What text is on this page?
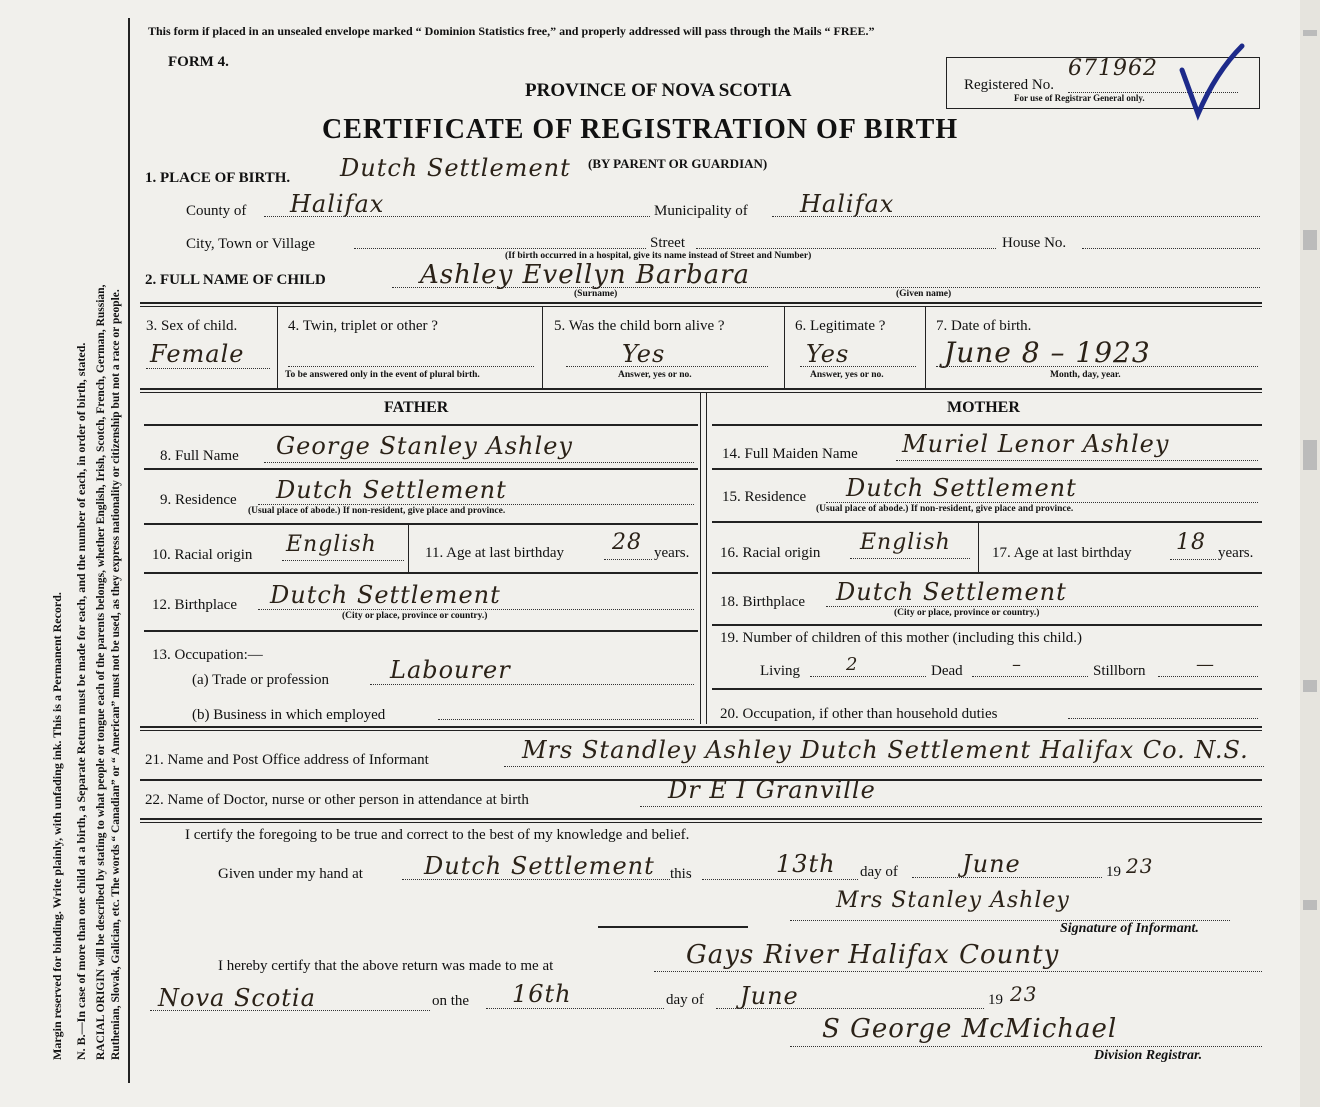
Margin reserved for binding. Write plainly, with unfading ink. This is a Permanent Record. N. B.—In case of more than one child at a birth, a Separate Return must be made for each, and the number of each, in order of birth, stated. RACIAL ORIGIN will be described by stating to what people or tongue each of the parents belongs, whether English, Irish, Scotch, French, German, Russian, Ruthenian, Slovak, Galician, etc. The words “ Canadian” or “ American” must not be used, as they express nationality or citizenship but not a race or people.
This form if placed in an unsealed envelope marked “ Dominion Statistics free,” and properly addressed will pass through the Mails “ FREE.”
FORM 4.
PROVINCE OF NOVA SCOTIA
CERTIFICATE OF REGISTRATION OF BIRTH
(BY PARENT OR GUARDIAN)
Registered No.
671962
For use of Registrar General only.
1. PLACE OF BIRTH. Dutch Settlement
County of Halifax	Municipality of Halifax
City, Town or Village	Street	House No.
(If birth occurred in a hospital, give its name instead of Street and Number)
2. FULL NAME OF CHILD	Ashley Evellyn Barbara
(Surname)	(Given name)
3. Sex of child.
Female
4. Twin, triplet or other ?
To be answered only in the event of plural birth.
5. Was the child born alive ?
Yes
Answer, yes or no.
6. Legitimate ?
Yes
Answer, yes or no.
7. Date of birth.
June 8 – 1923
Month, day, year.
FATHER	MOTHER
8. Full Name George Stanley Ashley	14. Full Maiden Name Muriel Lenor Ashley
9. Residence Dutch Settlement
(Usual place of abode.) If non-resident, give place and province.
15. Residence Dutch Settlement
(Usual place of abode.) If non-resident, give place and province.
10. Racial origin English	11. Age at last birthday 28 years. 16. Racial origin English	17. Age at last birthday 18 years.
12. Birthplace Dutch Settlement
(City or place, province or country.)
18. Birthplace Dutch Settlement
(City or place, province or country.)
13. Occupation:—
(a) Trade or profession	Labourer
(b) Business in which employed
19. Number of children of this mother (including this child.)
Living	2	Dead	–	Stillborn	—
20. Occupation, if other than household duties
21. Name and Post Office address of Informant	Mrs Standley Ashley Dutch Settlement Halifax Co. N.S.
22. Name of Doctor, nurse or other person in attendance at birth	Dr E I Granville
I certify the foregoing to be true and correct to the best of my knowledge and belief.
Given under my hand at	Dutch Settlement this	13th day of	June	19 23
Mrs Stanley Ashley
Signature of Informant.
I hereby certify that the above return was made to me at	Gays River Halifax County
Nova Scotia	on the 16th	day of June	19 23
S George McMichael
Division Registrar.
